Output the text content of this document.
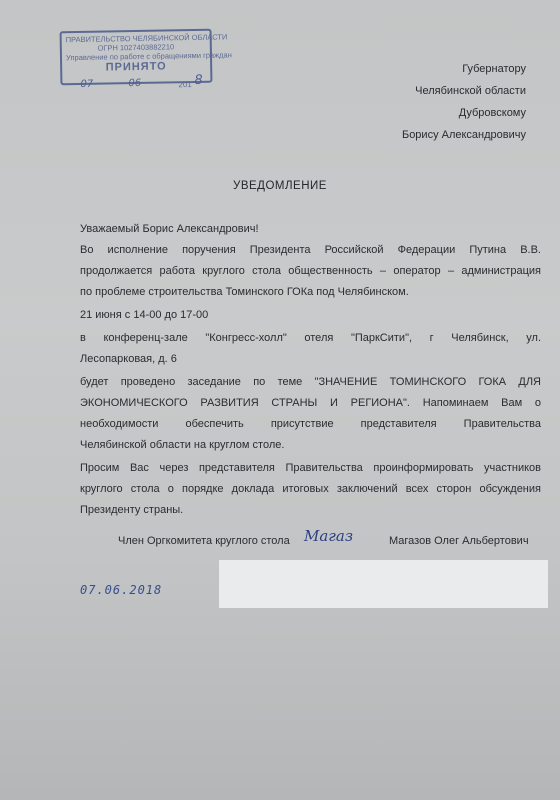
ПРАВИТЕЛЬСТВО ЧЕЛЯБИНСКОЙ ОБЛАСТИ
ОГРН 1027403882210
Управление по работе с обращениями граждан
ПРИНЯТО
07	06	201 8
Губернатору
Челябинской области
Дубровскому
Борису Александровичу
УВЕДОМЛЕНИЕ

Уважаемый Борис Александрович!

Во исполнение поручения Президента Российской Федерации Путина В.В.

продолжается работа круглого стола общественность – оператор – администрация

по проблеме строительства Томинского ГОКа под Челябинском.

21 июня с 14-00 до 17-00

в конференц-зале "Конгресс-холл" отеля "ПаркСити", г Челябинск, ул.

Лесопарковая, д. 6

будет проведено заседание по теме "ЗНАЧЕНИЕ ТОМИНСКОГО ГОКА ДЛЯ

ЭКОНОМИЧЕСКОГО РАЗВИТИЯ СТРАНЫ И РЕГИОНА". Напоминаем Вам о

необходимости обеспечить присутствие представителя Правительства

Челябинской области на круглом столе.

Просим Вас через представителя Правительства проинформировать участников

круглого стола о порядке доклада итоговых заключений всех сторон обсуждения

Президенту страны.

Член Оргкомитета круглого стола Магаз	Магазов Олег Альбертович
07.06.2018
